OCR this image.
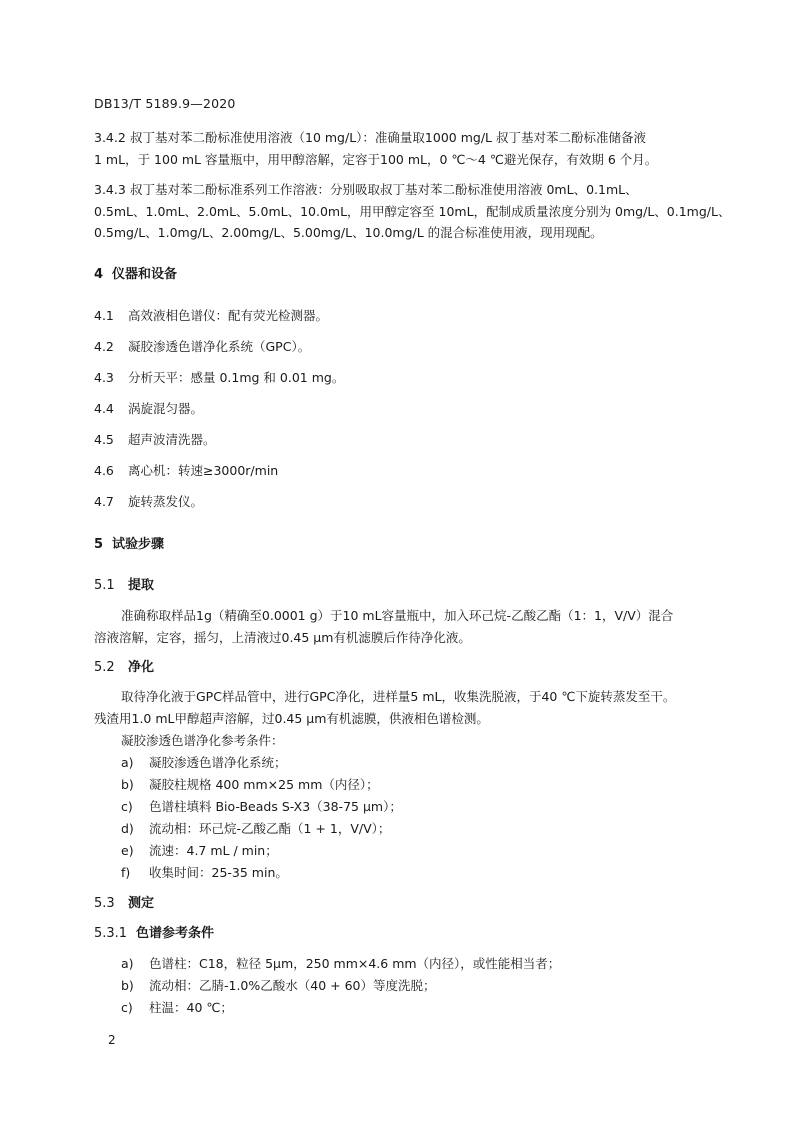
DB13/T 5189.9—2020
3.4.2 叔丁基对苯二酚标准使用溶液（10 mg/L）：准确量取1000 mg/L 叔丁基对苯二酚标准储备液
1 mL，于 100 mL 容量瓶中，用甲醇溶解，定容于100 mL，0 ℃～4 ℃避光保存，有效期 6 个月。
3.4.3 叔丁基对苯二酚标准系列工作溶液：分别吸取叔丁基对苯二酚标准使用溶液 0mL、0.1mL、
0.5mL、1.0mL、2.0mL、5.0mL、10.0mL，用甲醇定容至 10mL，配制成质量浓度分别为 0mg/L、0.1mg/L、
0.5mg/L、1.0mg/L、2.00mg/L、5.00mg/L、10.0mg/L 的混合标准使用液，现用现配。
4 仪器和设备
4.1 高效液相色谱仪：配有荧光检测器。
4.2 凝胶渗透色谱净化系统（GPC）。
4.3 分析天平：感量 0.1mg 和 0.01 mg。
4.4 涡旋混匀器。
4.5 超声波清洗器。
4.6 离心机：转速≥3000r/min
4.7 旋转蒸发仪。
5 试验步骤
5.1 提取
准确称取样品1g（精确至0.0001 g）于10 mL容量瓶中，加入环己烷-乙酸乙酯（1：1，V/V）混合
溶液溶解，定容，摇匀，上清液过0.45 μm有机滤膜后作待净化液。
5.2 净化
取待净化液于GPC样品管中，进行GPC净化，进样量5 mL，收集洗脱液，于40 ℃下旋转蒸发至干。
残渣用1.0 mL甲醇超声溶解，过0.45 μm有机滤膜，供液相色谱检测。
凝胶渗透色谱净化参考条件：
a) 凝胶渗透色谱净化系统；
b) 凝胶柱规格 400 mm×25 mm（内径）；
c) 色谱柱填料 Bio-Beads S-X3（38-75 μm）；
d) 流动相：环己烷-乙酸乙酯（1 + 1，V/V）；
e) 流速：4.7 mL / min；
f) 收集时间：25-35 min。
5.3 测定
5.3.1 色谱参考条件
a) 色谱柱：C18，粒径 5μm，250 mm×4.6 mm（内径），或性能相当者；
b) 流动相：乙腈-1.0%乙酸水（40 + 60）等度洗脱；
c) 柱温：40 ℃；
2
